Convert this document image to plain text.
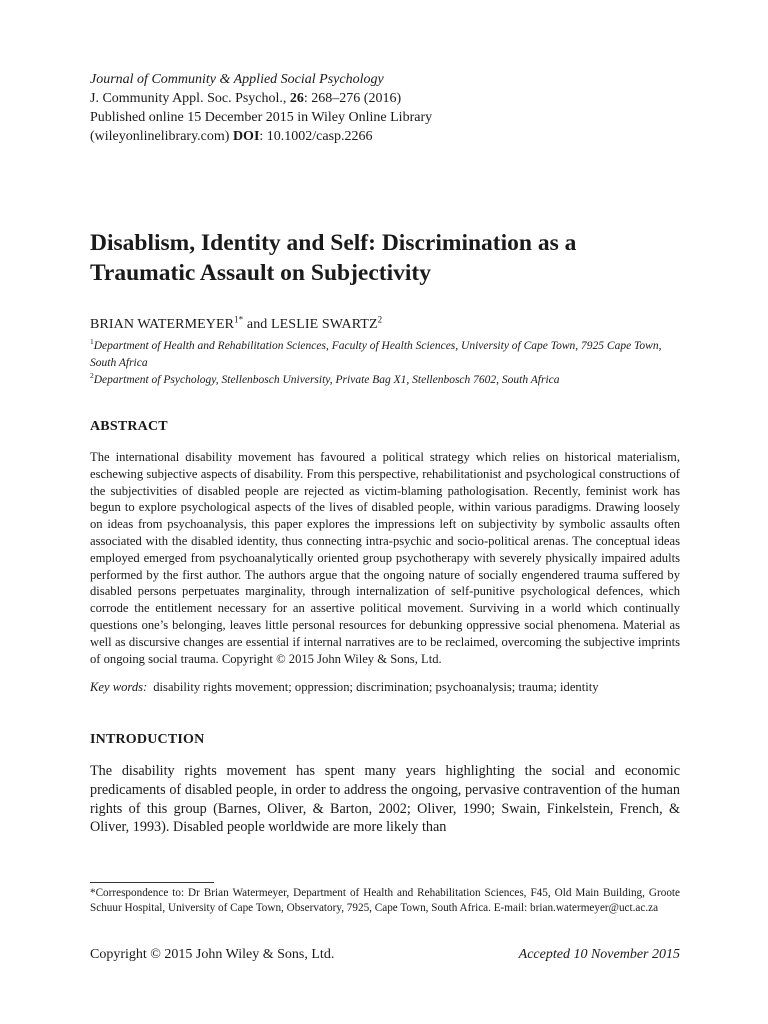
Journal of Community & Applied Social Psychology
J. Community Appl. Soc. Psychol., 26: 268–276 (2016)
Published online 15 December 2015 in Wiley Online Library
(wileyonlinelibrary.com) DOI: 10.1002/casp.2266
Disablism, Identity and Self: Discrimination as a
Traumatic Assault on Subjectivity
BRIAN $WATERMEYER^{1*}$ and LESLIE SWARTZ$^2$
$^1$Department of Health and Rehabilitation Sciences, Faculty of Health Sciences, University of Cape Town, 7925 Cape Town, South Africa
$^2$Department of Psychology, Stellenbosch University, Private Bag X1, Stellenbosch 7602, South Africa
ABSTRACT
The international disability movement has favoured a political strategy which relies on historical materialism, eschewing subjective aspects of disability. From this perspective, rehabilitationist and psychological constructions of the subjectivities of disabled people are rejected as victim-blaming pathologisation. Recently, feminist work has begun to explore psychological aspects of the lives of disabled people, within various paradigms. Drawing loosely on ideas from psychoanalysis, this paper explores the impressions left on subjectivity by symbolic assaults often associated with the disabled identity, thus connecting intra-psychic and socio-political arenas. The conceptual ideas employed emerged from psychoanalytically oriented group psychotherapy with severely physically impaired adults performed by the first author. The authors argue that the ongoing nature of socially engendered trauma suffered by disabled persons perpetuates marginality, through internalization of self-punitive psychological defences, which corrode the entitlement necessary for an assertive political movement. Surviving in a world which continually questions one’s belonging, leaves little personal resources for debunking oppressive social phenomena. Material as well as discursive changes are essential if internal narratives are to be reclaimed, overcoming the subjective imprints of ongoing social trauma. Copyright © 2015 John Wiley & Sons, Ltd.
Key words: disability rights movement; oppression; discrimination; psychoanalysis; trauma; identity
INTRODUCTION
The disability rights movement has spent many years highlighting the social and economic predicaments of disabled people, in order to address the ongoing, pervasive contravention of the human rights of this group (Barnes, Oliver, & Barton, 2002; Oliver, 1990; Swain, Finkelstein, French, & Oliver, 1993). Disabled people worldwide are more likely than
*Correspondence to: Dr Brian Watermeyer, Department of Health and Rehabilitation Sciences, F45, Old Main Building, Groote Schuur Hospital, University of Cape Town, Observatory, 7925, Cape Town, South Africa. E-mail: brian.watermeyer@uct.ac.za
Copyright © 2015 John Wiley & Sons, Ltd.	Accepted 10 November 2015
